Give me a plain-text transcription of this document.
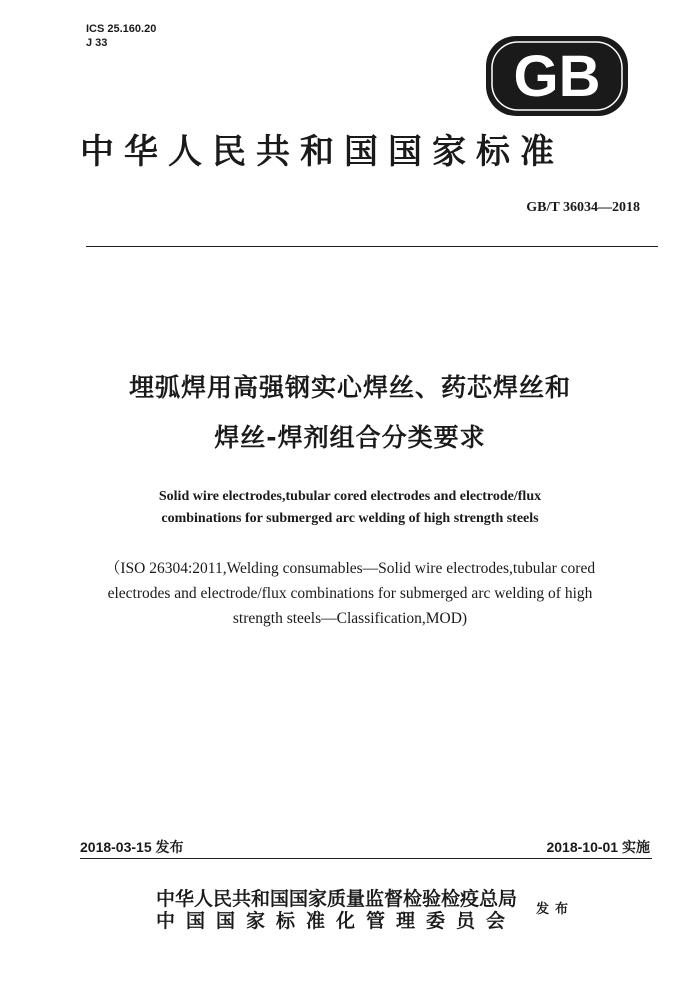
ICS 25.160.20
J 33
GB
中华人民共和国国家标准
GB/T 36034—2018
埋弧焊用高强钢实心焊丝、药芯焊丝和
焊丝-焊剂组合分类要求
Solid wire electrodes,tubular cored electrodes and electrode/flux
combinations for submerged arc welding of high strength steels
（ISO 26304:2011,Welding consumables—Solid wire electrodes,tubular cored
electrodes and electrode/flux combinations for submerged arc welding of high
strength steels—Classification,MOD)
2018-03-15 发布	2018-10-01 实施
中华人民共和国国家质量监督检验检疫总局
中国国家标准化管理委员会
发布
